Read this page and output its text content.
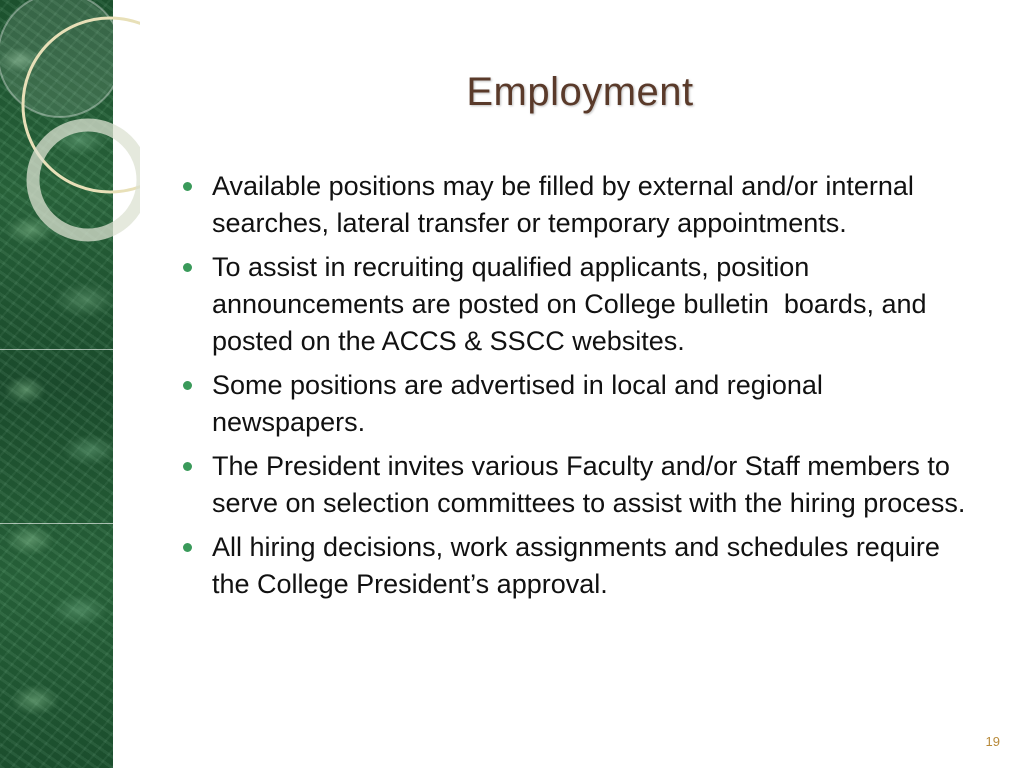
Employment
Available positions may be filled by external and/or internal searches, lateral transfer or temporary appointments.
To assist in recruiting qualified applicants, position announcements are posted on College bulletin  boards, and posted on the ACCS & SSCC websites.
Some positions are advertised in local and regional newspapers.
The President invites various Faculty and/or Staff members to serve on selection committees to assist with the hiring process.
All hiring decisions, work assignments and schedules require the College President’s approval.
19
